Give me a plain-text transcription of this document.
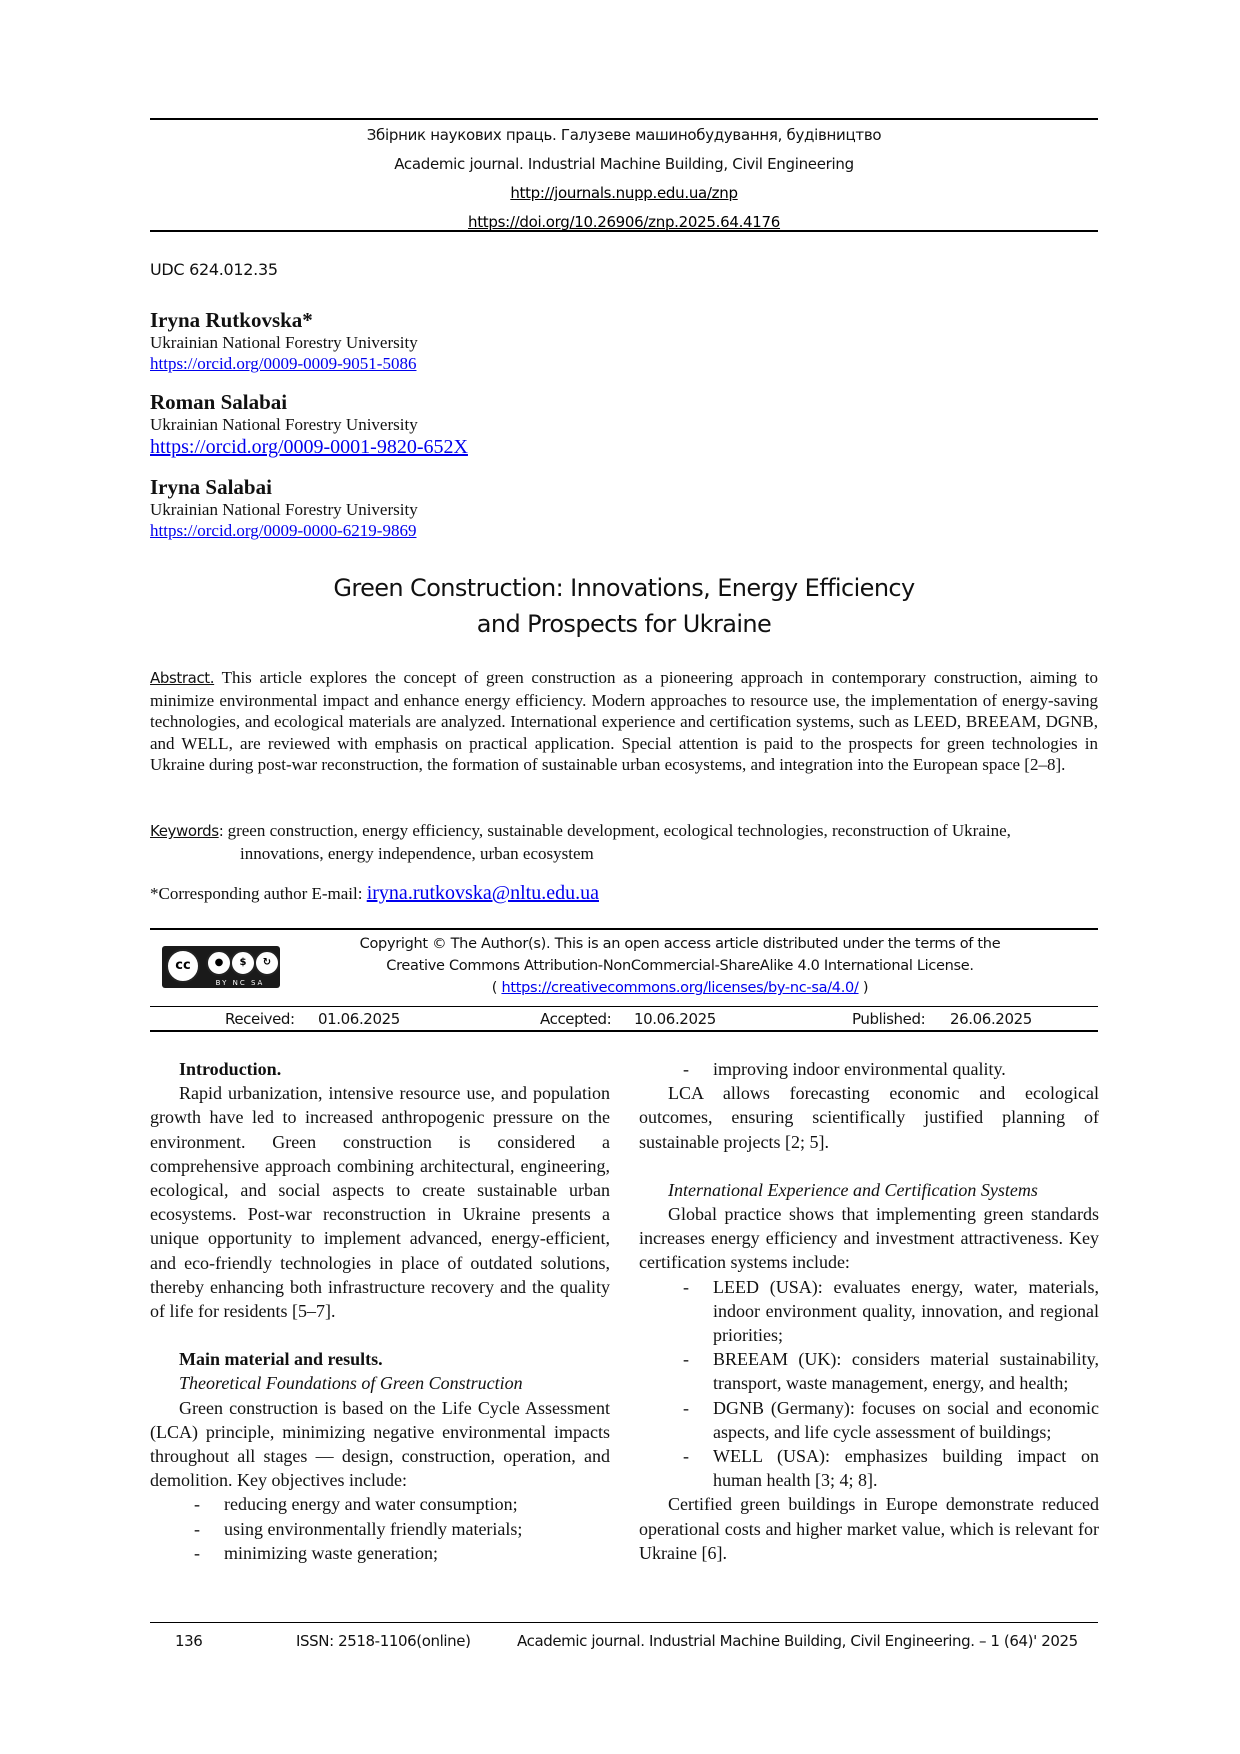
Збірник наукових праць. Галузеве машинобудування, будівництво
Academic journal. Industrial Machine Building, Civil Engineering
http://journals.nupp.edu.ua/znp
https://doi.org/10.26906/znp.2025.64.4176
UDC 624.012.35
Iryna Rutkovska*
Ukrainian National Forestry University
https://orcid.org/0009-0009-9051-5086
Roman Salabai
Ukrainian National Forestry University
https://orcid.org/0009-0001-9820-652X
Iryna Salabai
Ukrainian National Forestry University
https://orcid.org/0009-0000-6219-9869
Green Construction: Innovations, Energy Efficiency
and Prospects for Ukraine
Abstract. This article explores the concept of green construction as a pioneering approach in contemporary construction, aiming to minimize environmental impact and enhance energy efficiency. Modern approaches to resource use, the implementation of energy-saving technologies, and ecological materials are analyzed. International experience and certification systems, such as LEED, BREEAM, DGNB, and WELL, are reviewed with emphasis on practical application. Special attention is paid to the prospects for green technologies in Ukraine during post-war reconstruction, the formation of sustainable urban ecosystems, and integration into the European space [2–8].
Keywords: green construction, energy efficiency, sustainable development, ecological technologies, reconstruction of Ukraine,
innovations, energy independence, urban ecosystem
*Corresponding author E-mail: iryna.rutkovska@nltu.edu.ua
cc	●	$	↻
BY NC SA
Copyright © The Author(s). This is an open access article distributed under the terms of the
Creative Commons Attribution-NonCommercial-ShareAlike 4.0 International License.
( https://creativecommons.org/licenses/by-nc-sa/4.0/ )
Received: 01.06.2025	Accepted: 10.06.2025	Published: 26.06.2025

Introduction.

Rapid urbanization, intensive resource use, and population growth have led to increased anthropogenic pressure on the environment. Green construction is considered a comprehensive approach combining architectural, engineering, ecological, and social aspects to create sustainable urban ecosystems. Post-war reconstruction in Ukraine presents a unique opportunity to implement advanced, energy-efficient, and eco-friendly technologies in place of outdated solutions, thereby enhancing both infrastructure recovery and the quality of life for residents [5–7].

Main material and results.

Theoretical Foundations of Green Construction

Green construction is based on the Life Cycle Assessment (LCA) principle, minimizing negative environmental impacts throughout all stages — design, construction, operation, and demolition. Key objectives include:

- reducing energy and water consumption;
- using environmentally friendly materials;
- minimizing waste generation;
- improving indoor environmental quality.

LCA allows forecasting economic and ecological outcomes, ensuring scientifically justified planning of sustainable projects [2; 5].

International Experience and Certification Systems

Global practice shows that implementing green standards increases energy efficiency and investment attractiveness. Key certification systems include:

- LEED (USA): evaluates energy, water, materials, indoor environment quality, innovation, and regional priorities;
- BREEAM (UK): considers material sustainability, transport, waste management, energy, and health;
- DGNB (Germany): focuses on social and economic aspects, and life cycle assessment of buildings;
- WELL (USA): emphasizes building impact on human health [3; 4; 8].

Certified green buildings in Europe demonstrate reduced operational costs and higher market value, which is relevant for Ukraine [6].

136	ISSN: 2518-1106(online)	Academic journal. Industrial Machine Building, Civil Engineering. – 1 (64)' 2025
